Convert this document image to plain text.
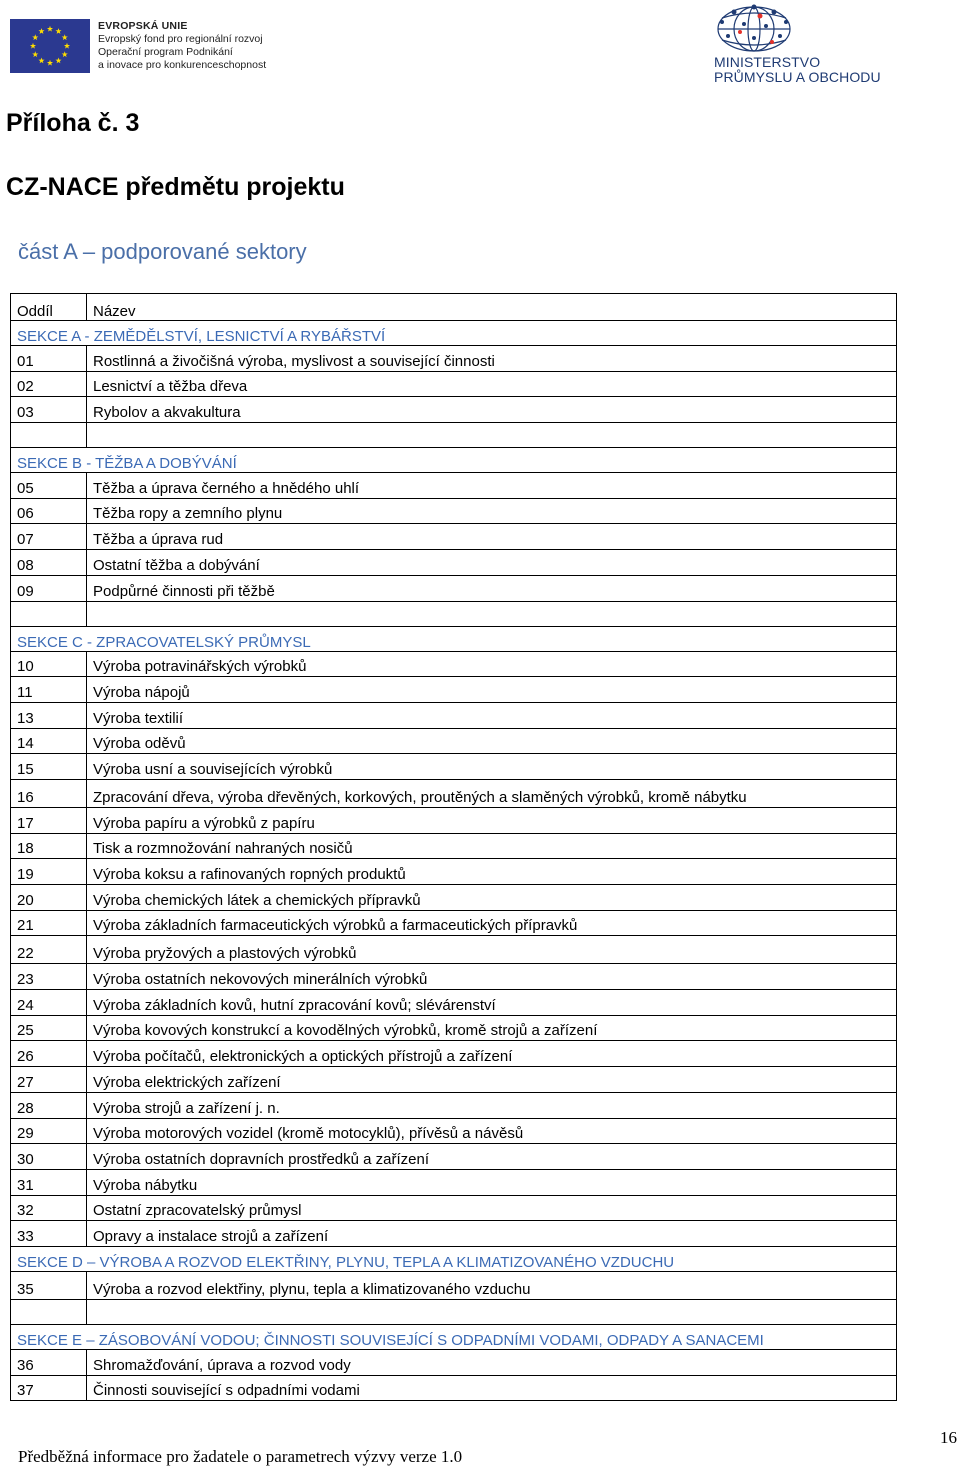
EVROPSKÁ UNIE
Evropský fond pro regionální rozvoj
Operační program Podnikání
a inovace pro konkurenceschopnost	MINISTERSTVO
PRŮMYSLU A OBCHODU
Příloha č. 3
CZ-NACE předmětu projektu
část A – podporované sektory
Oddíl	Název
SEKCE A - ZEMĚDĚLSTVÍ, LESNICTVÍ A RYBÁŘSTVÍ	
01	Rostlinná a živočišná výroba, myslivost a související činnosti
02	Lesnictví a těžba dřeva
03	Rybolov a akvakultura

SEKCE B - TĚŽBA A DOBÝVÁNÍ	
05	Těžba a úprava černého a hnědého uhlí
06	Těžba ropy a zemního plynu
07	Těžba a úprava rud
08	Ostatní těžba a dobývání
09	Podpůrné činnosti při těžbě

SEKCE C - ZPRACOVATELSKÝ PRŮMYSL	
10	Výroba potravinářských výrobků
11	Výroba nápojů
13	Výroba textilií
14	Výroba oděvů
15	Výroba usní a souvisejících výrobků
16	Zpracování dřeva, výroba dřevěných, korkových, proutěných a slaměných výrobků, kromě nábytku
17	Výroba papíru a výrobků z papíru
18	Tisk a rozmnožování nahraných nosičů
19	Výroba koksu a rafinovaných ropných produktů
20	Výroba chemických látek a chemických přípravků
21	Výroba základních farmaceutických výrobků a farmaceutických přípravků
22	Výroba pryžových a plastových výrobků
23	Výroba ostatních nekovových minerálních výrobků
24	Výroba základních kovů, hutní zpracování kovů; slévárenství
25	Výroba kovových konstrukcí a kovodělných výrobků, kromě strojů a zařízení
26	Výroba počítačů, elektronických a optických přístrojů a zařízení
27	Výroba elektrických zařízení
28	Výroba strojů a zařízení j. n.
29	Výroba motorových vozidel (kromě motocyklů), přívěsů a návěsů
30	Výroba ostatních dopravních prostředků a zařízení
31	Výroba nábytku
32	Ostatní zpracovatelský průmysl
33	Opravy a instalace strojů a zařízení
SEKCE D – VÝROBA A ROZVOD ELEKTŘINY, PLYNU, TEPLA A KLIMATIZOVANÉHO VZDUCHU	
35	Výroba a rozvod elektřiny, plynu, tepla a klimatizovaného vzduchu

SEKCE E – ZÁSOBOVÁNÍ VODOU; ČINNOSTI SOUVISEJÍCÍ S ODPADNÍMI VODAMI, ODPADY A SANACEMI	
36	Shromažďování, úprava a rozvod vody
37	Činnosti související s odpadními vodami
Předběžná informace pro žadatele o parametrech výzvy verze 1.0
16
